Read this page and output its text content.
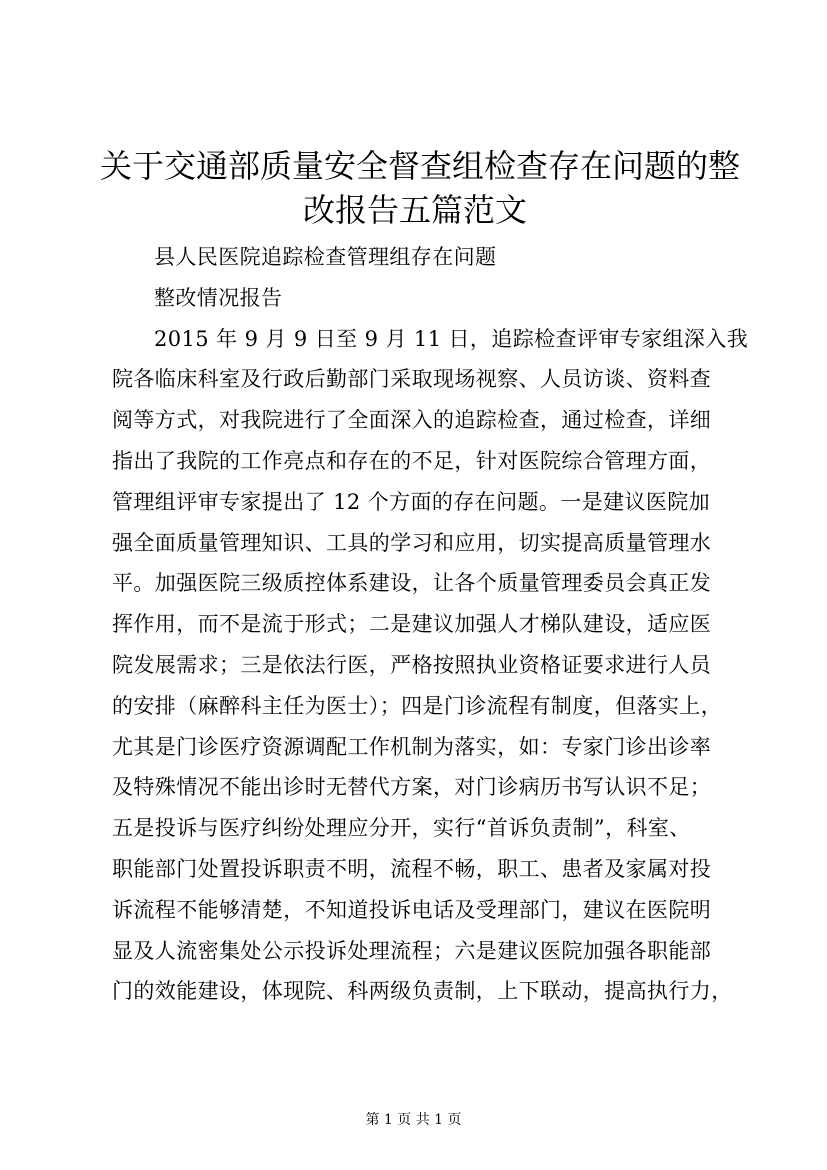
关于交通部质量安全督查组检查存在问题的整
改报告五篇范文
县人民医院追踪检查管理组存在问题
整改情况报告
2015 年 9 月 9 日至 9 月 11 日，追踪检查评审专家组深入我
院各临床科室及行政后勤部门采取现场视察、人员访谈、资料查
阅等方式，对我院进行了全面深入的追踪检查，通过检查，详细
指出了我院的工作亮点和存在的不足，针对医院综合管理方面，
管理组评审专家提出了 12 个方面的存在问题。一是建议医院加
强全面质量管理知识、工具的学习和应用，切实提高质量管理水
平。加强医院三级质控体系建设，让各个质量管理委员会真正发
挥作用，而不是流于形式；二是建议加强人才梯队建设，适应医
院发展需求；三是依法行医，严格按照执业资格证要求进行人员
的安排（麻醉科主任为医士）；四是门诊流程有制度，但落实上，
尤其是门诊医疗资源调配工作机制为落实，如：专家门诊出诊率
及特殊情况不能出诊时无替代方案，对门诊病历书写认识不足；
五是投诉与医疗纠纷处理应分开，实行“首诉负责制”，科室、
职能部门处置投诉职责不明，流程不畅，职工、患者及家属对投
诉流程不能够清楚，不知道投诉电话及受理部门，建议在医院明
显及人流密集处公示投诉处理流程；六是建议医院加强各职能部
门的效能建设，体现院、科两级负责制，上下联动，提高执行力，
第 1 页 共 1 页
